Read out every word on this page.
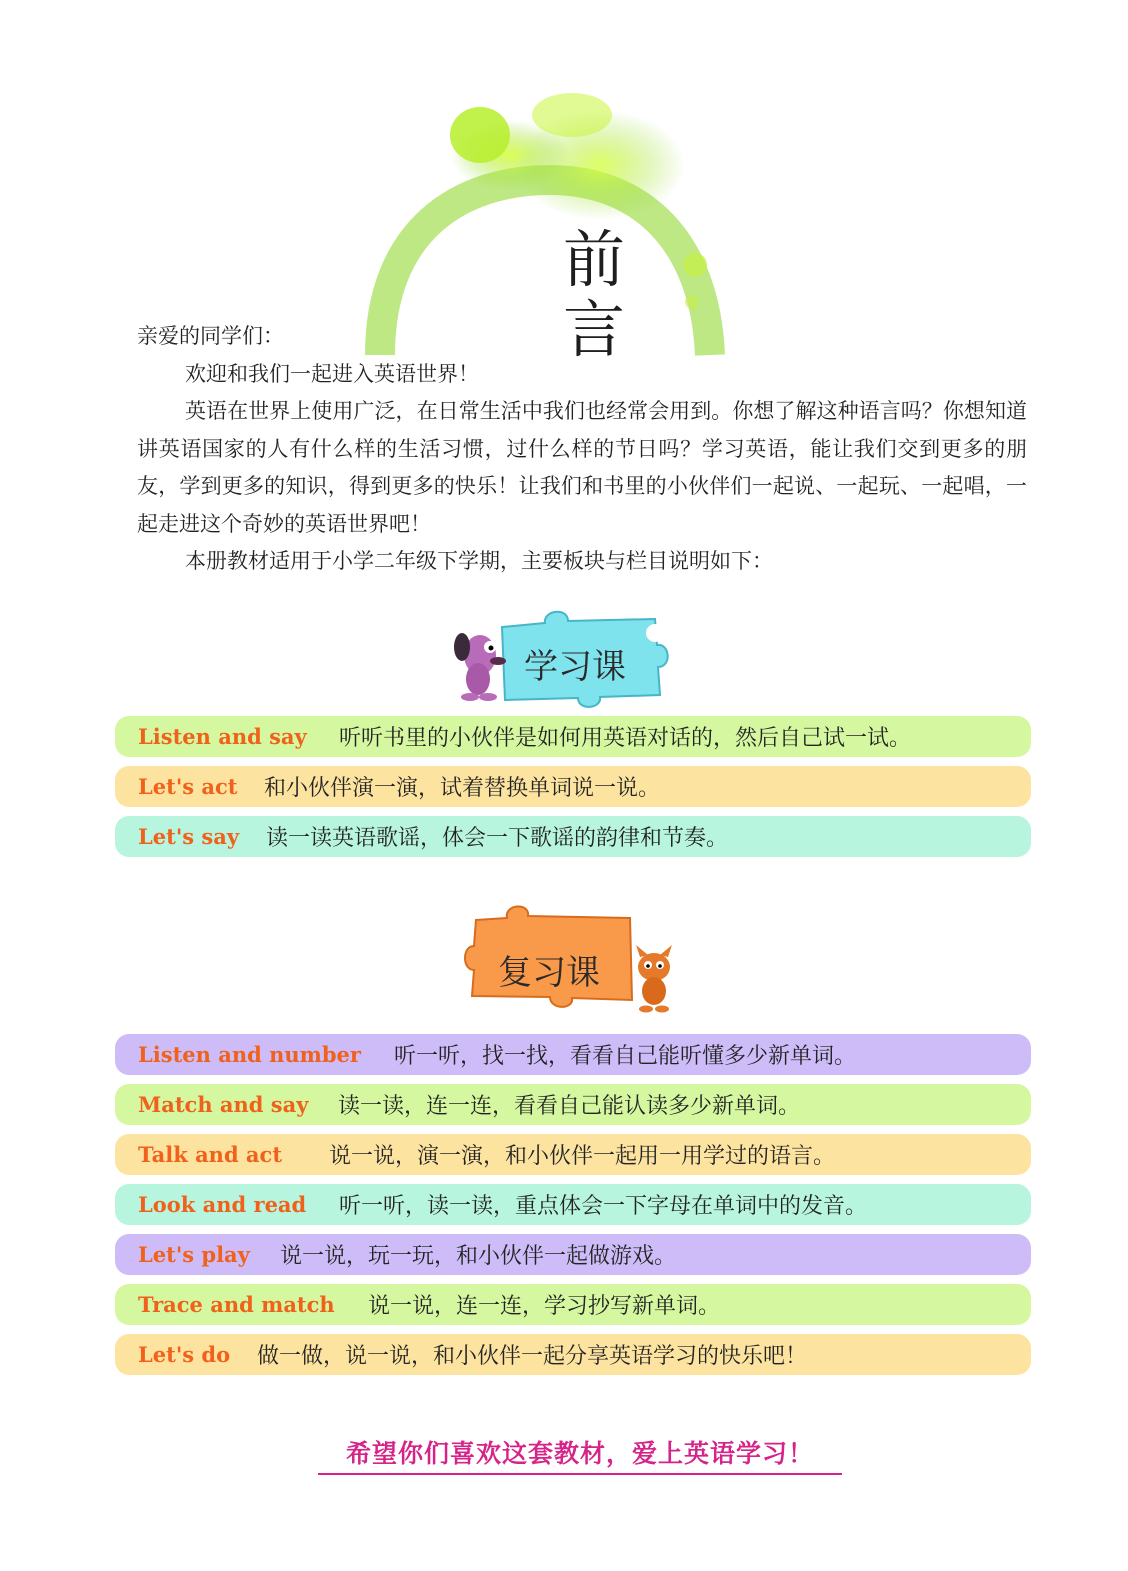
前 言

亲爱的同学们：

欢迎和我们一起进入英语世界！

英语在世界上使用广泛，在日常生活中我们也经常会用到。你想了解这种语言吗？你想知道讲英语国家的人有什么样的生活习惯，过什么样的节日吗？学习英语，能让我们交到更多的朋友，学到更多的知识，得到更多的快乐！让我们和书里的小伙伴们一起说、一起玩、一起唱，一起走进这个奇妙的英语世界吧！

本册教材适用于小学二年级下学期，主要板块与栏目说明如下：

学习课
Listen and say	听听书里的小伙伴是如何用英语对话的，然后自己试一试。
Let's act	和小伙伴演一演，试着替换单词说一说。
Let's say	读一读英语歌谣，体会一下歌谣的韵律和节奏。
复习课
Listen and number	听一听，找一找，看看自己能听懂多少新单词。
Match and say	读一读，连一连，看看自己能认读多少新单词。
Talk and act	说一说，演一演，和小伙伴一起用一用学过的语言。
Look and read	听一听，读一读，重点体会一下字母在单词中的发音。
Let's play	说一说，玩一玩，和小伙伴一起做游戏。
Trace and match	说一说，连一连，学习抄写新单词。
Let's do	做一做，说一说，和小伙伴一起分享英语学习的快乐吧！
希望你们喜欢这套教材，爱上英语学习！
